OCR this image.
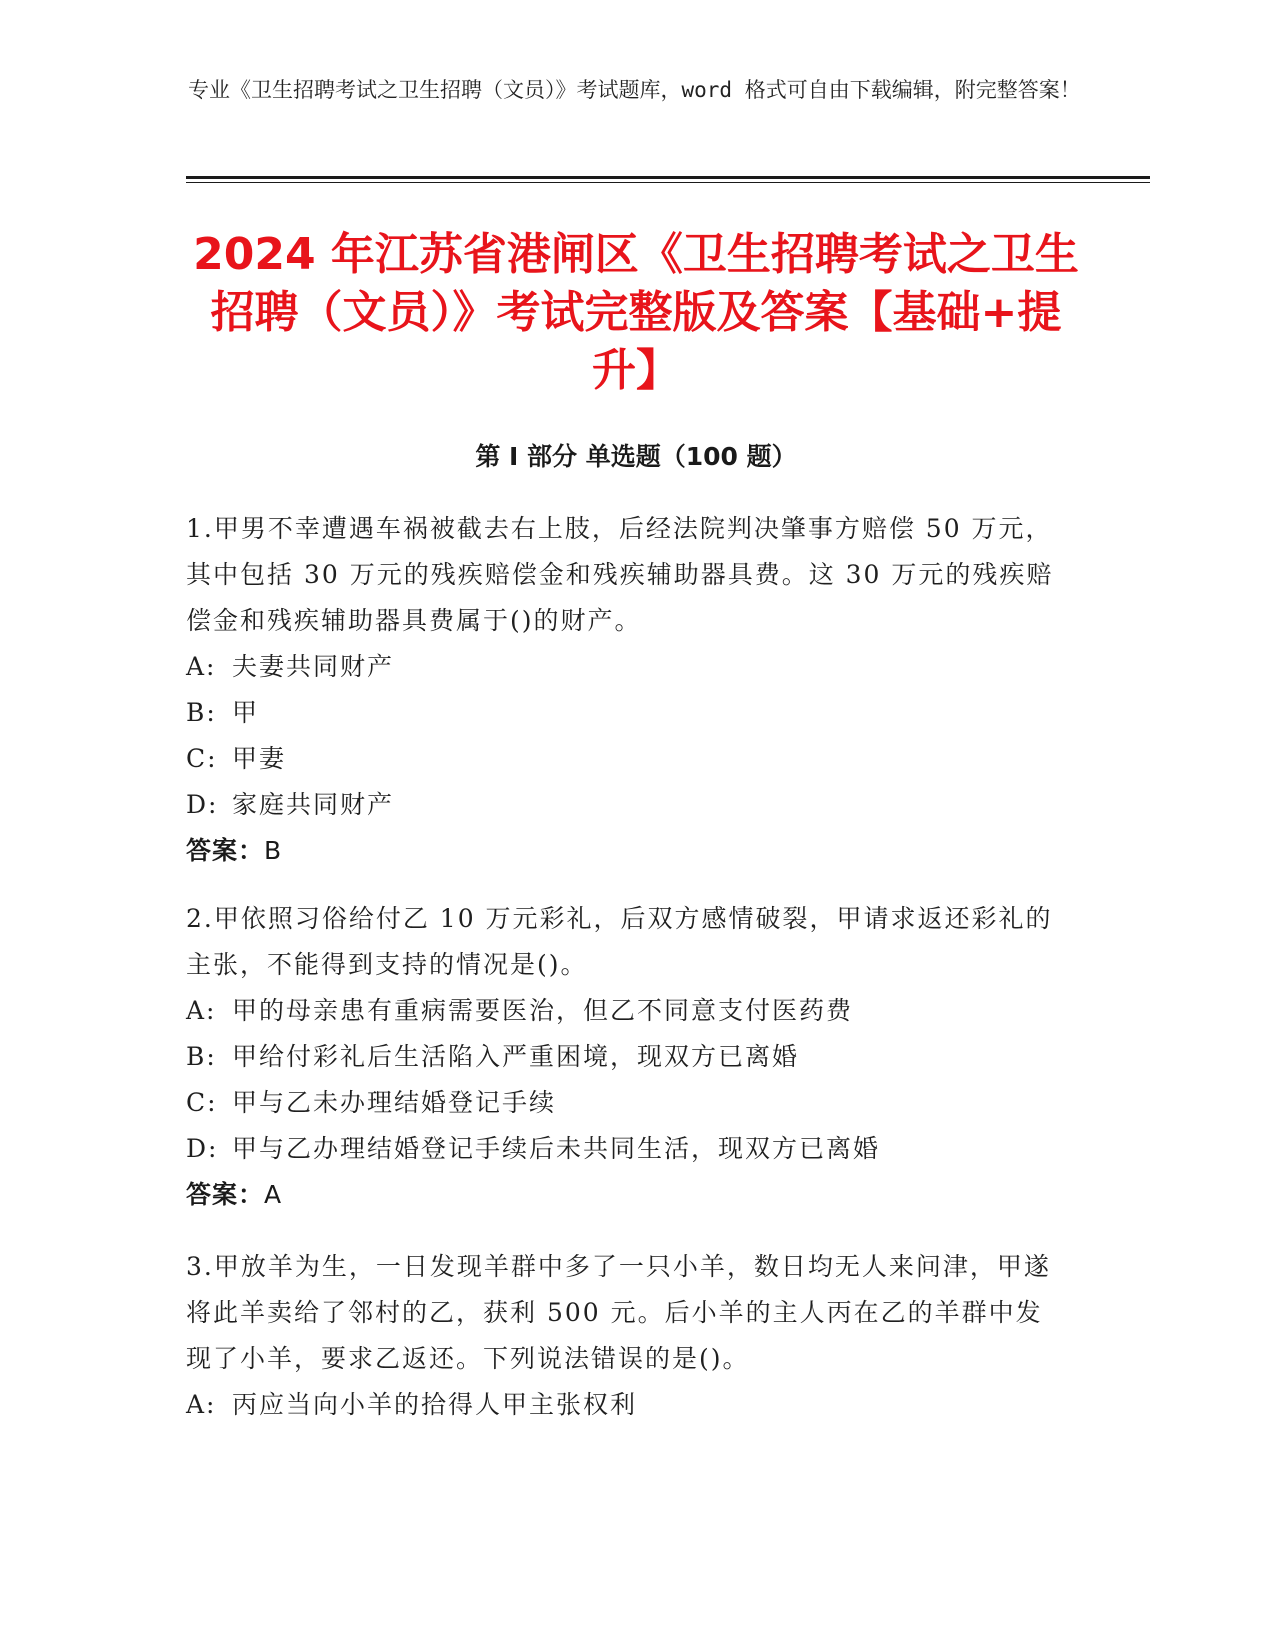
专业《卫生招聘考试之卫生招聘（文员）》考试题库，word 格式可自由下载编辑，附完整答案！
2024 年江苏省港闸区《卫生招聘考试之卫生招聘（文员）》考试完整版及答案【基础+提升】
第 I 部分 单选题（100 题）

1.甲男不幸遭遇车祸被截去右上肢，后经法院判决肇事方赔偿 50 万元，其中包括 30 万元的残疾赔偿金和残疾辅助器具费。这 30 万元的残疾赔偿金和残疾辅助器具费属于()的财产。

A: 夫妻共同财产

B: 甲

C: 甲妻

D: 家庭共同财产

答案：B

2.甲依照习俗给付乙 10 万元彩礼，后双方感情破裂，甲请求返还彩礼的主张，不能得到支持的情况是()。

A: 甲的母亲患有重病需要医治，但乙不同意支付医药费

B: 甲给付彩礼后生活陷入严重困境，现双方已离婚

C: 甲与乙未办理结婚登记手续

D: 甲与乙办理结婚登记手续后未共同生活，现双方已离婚

答案：A

3.甲放羊为生，一日发现羊群中多了一只小羊，数日均无人来问津，甲遂将此羊卖给了邻村的乙，获利 500 元。后小羊的主人丙在乙的羊群中发现了小羊，要求乙返还。下列说法错误的是()。

A: 丙应当向小羊的拾得人甲主张权利
